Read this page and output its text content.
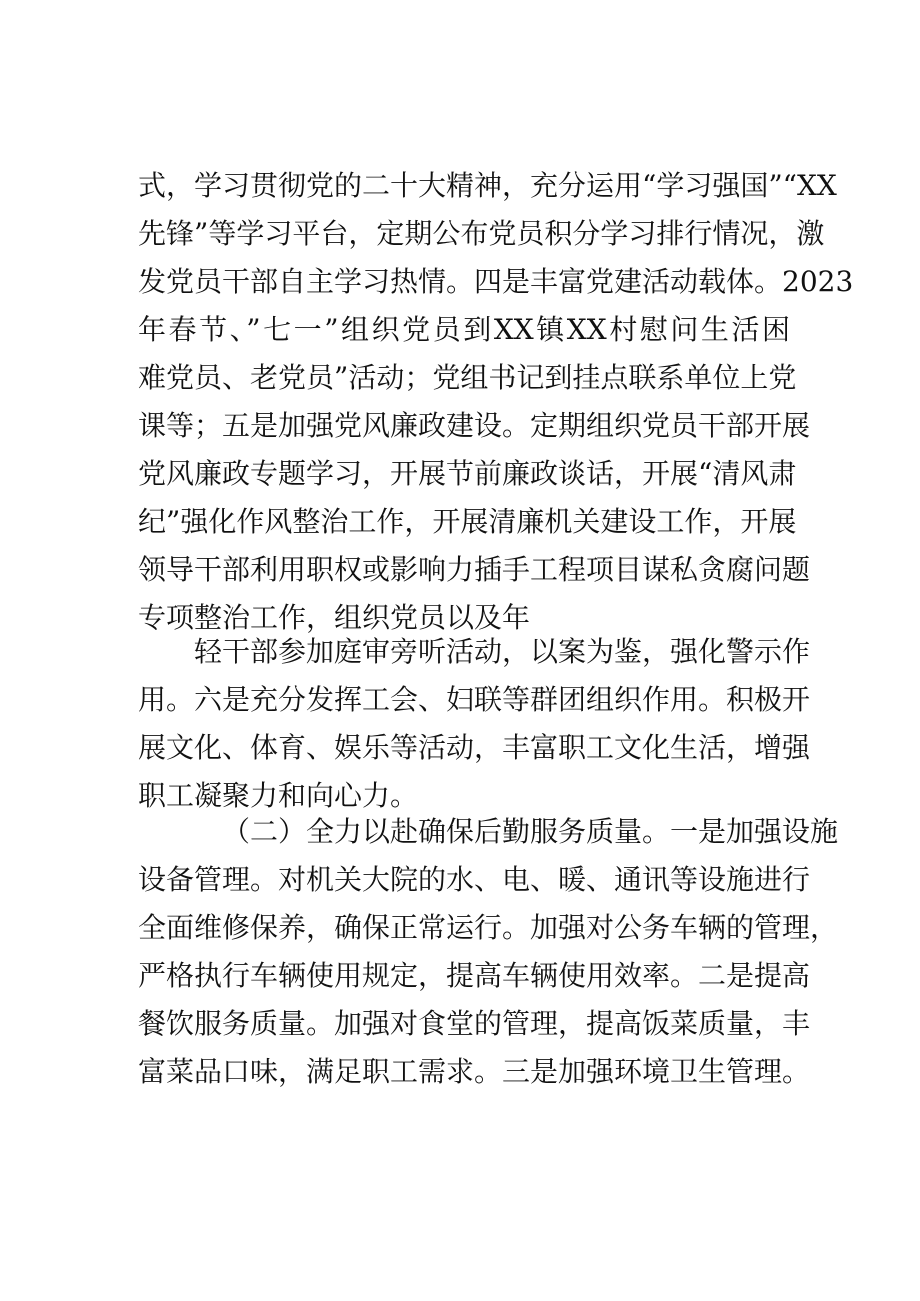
式，学习贯彻党的二十大精神，充分运用“学习强国”“XX
先锋”等学习平台，定期公布党员积分学习排行情况，激
发党员干部自主学习热情。四是丰富党建活动载体。2023
年春节、”七一”组织党员到XX镇XX村慰问生活困
难党员、老党员”活动；党组书记到挂点联系单位上党
课等；五是加强党风廉政建设。定期组织党员干部开展
党风廉政专题学习，开展节前廉政谈话，开展“清风肃
纪”强化作风整治工作，开展清廉机关建设工作，开展
领导干部利用职权或影响力插手工程项目谋私贪腐问题
专项整治工作，组织党员以及年
轻干部参加庭审旁听活动，以案为鉴，强化警示作
用。六是充分发挥工会、妇联等群团组织作用。积极开
展文化、体育、娱乐等活动，丰富职工文化生活，增强
职工凝聚力和向心力。
（二）全力以赴确保后勤服务质量。一是加强设施
设备管理。对机关大院的水、电、暖、通讯等设施进行
全面维修保养，确保正常运行。加强对公务车辆的管理，
严格执行车辆使用规定，提高车辆使用效率。二是提高
餐饮服务质量。加强对食堂的管理，提高饭菜质量，丰
富菜品口味，满足职工需求。三是加强环境卫生管理。
